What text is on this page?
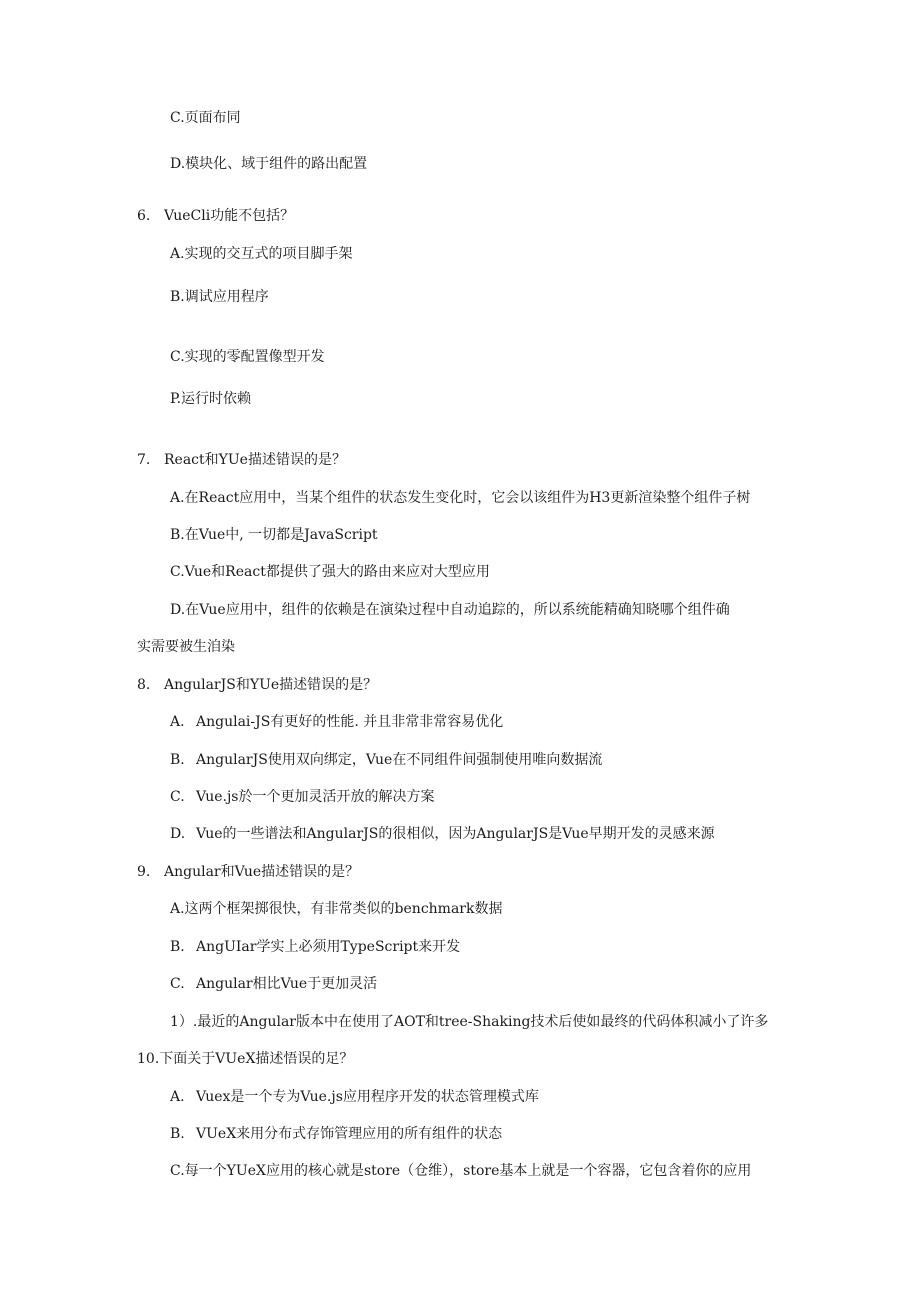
C.页面布同
D.模块化、域于组件的路出配置
6. VueCli功能不包括？
A.实现的交互式的项目脚手架
B.调试应用程序
C.实现的零配置像型开发
P.运行时依赖
7. React和YUe描述错误的是？
A.在React应用中，当某个组件的状态发生变化时，它会以该组件为H3更新渲染整个组件子树
B.在Vue中, 一切都是JavaScript
C.Vue和React都提供了强大的路由来应对大型应用
D.在Vue应用中，组件的依赖是在演染过程中自动追踪的，所以系统能精确知晓哪个组件确
实需要被生洎染
8. AngularJS和YUe描述错误的是？
A. Angulai-JS有更好的性能. 并且非常非常容易优化
B. AngularJS使用双向绑定，Vue在不同组件间强制使用唯向数据流
C. Vue.js於一个更加灵活开放的解决方案
D. Vue的一些谱法和AngularJS的很相似，因为AngularJS是Vue早期开发的灵感来源
9. Angular和Vue描述错误的是？
A.这两个框架掷很快，有非常类似的benchmark数据
B. AngUIar学实上必须用TypeScript来开发
C. Angular相比Vue于更加灵活
1）.最近的Angular版本中在使用了AOT和tree-Shaking技术后使如最终的代码体积减小了许多
10.下面关于VUeX描述悟误的足？
A. Vuex是一个专为Vue.js应用程序开发的状态管理模式库
B. VUeX来用分布式存饰管理应用的所有组件的状态
C.每一个YUeX应用的核心就是store（仓维），store基本上就是一个容器，它包含着你的应用
